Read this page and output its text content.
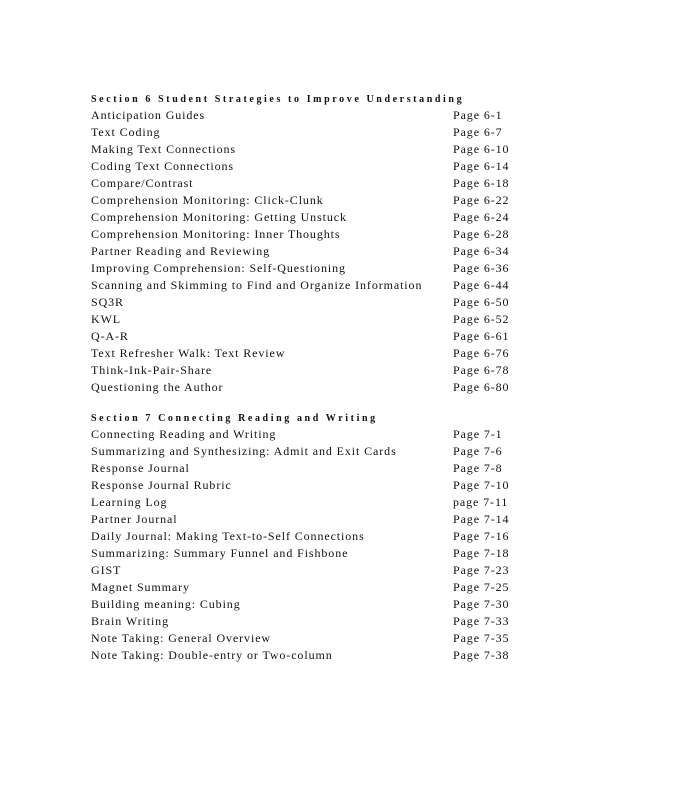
Section 6 Student Strategies to Improve Understanding
Anticipation Guides	Page 6-1
Text Coding	Page 6-7
Making Text Connections	Page 6-10
Coding Text Connections	Page 6-14
Compare/Contrast	Page 6-18
Comprehension Monitoring: Click-Clunk	Page 6-22
Comprehension Monitoring: Getting Unstuck	Page 6-24
Comprehension Monitoring: Inner Thoughts	Page 6-28
Partner Reading and Reviewing	Page 6-34
Improving Comprehension: Self-Questioning	Page 6-36
Scanning and Skimming to Find and Organize Information	Page 6-44
SQ3R	Page 6-50
KWL	Page 6-52
Q-A-R	Page 6-61
Text Refresher Walk: Text Review	Page 6-76
Think-Ink-Pair-Share	Page 6-78
Questioning the Author	Page 6-80
Section 7 Connecting Reading and Writing
Connecting Reading and Writing	Page 7-1
Summarizing and Synthesizing: Admit and Exit Cards	Page 7-6
Response Journal	Page 7-8
Response Journal Rubric	Page 7-10
Learning Log	page 7-11
Partner Journal	Page 7-14
Daily Journal: Making Text-to-Self Connections	Page 7-16
Summarizing: Summary Funnel and Fishbone	Page 7-18
GIST	Page 7-23
Magnet Summary	Page 7-25
Building meaning: Cubing	Page 7-30
Brain Writing	Page 7-33
Note Taking: General Overview	Page 7-35
Note Taking: Double-entry or Two-column	Page 7-38
